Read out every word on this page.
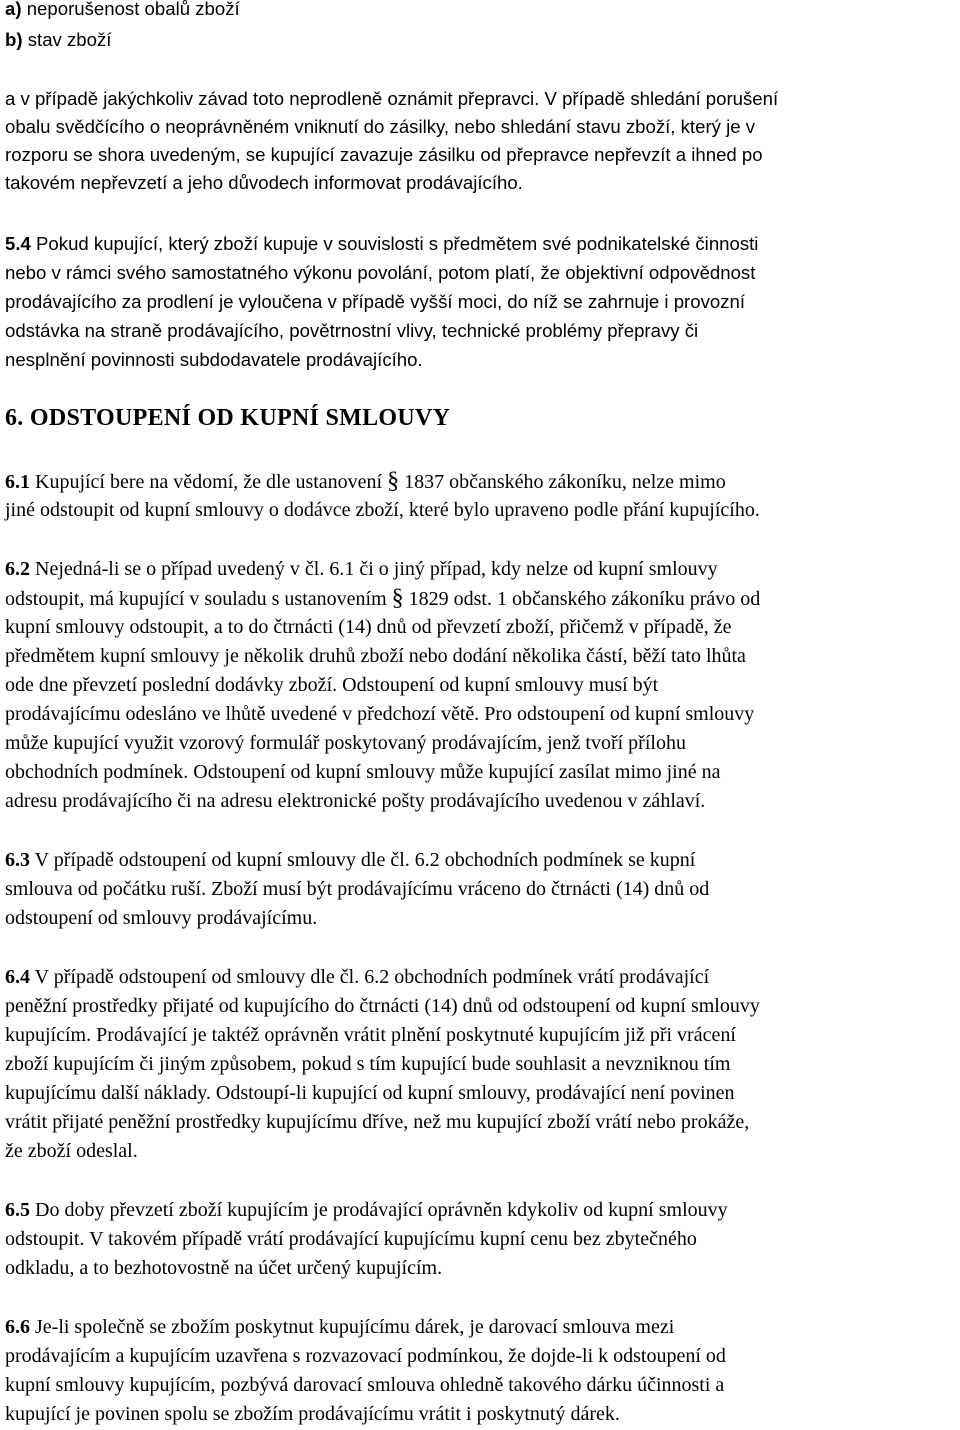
a) neporušenost obalů zboží
b) stav zboží
a v případě jakýchkoliv závad toto neprodleně oznámit přepravci. V případě shledání porušení
obalu svědčícího o neoprávněném vniknutí do zásilky, nebo shledání stavu zboží, který je v
rozporu se shora uvedeným, se kupující zavazuje zásilku od přepravce nepřevzít a ihned po
takovém nepřevzetí a jeho důvodech informovat prodávajícího.
5.4 Pokud kupující, který zboží kupuje v souvislosti s předmětem své podnikatelské činnosti
nebo v rámci svého samostatného výkonu povolání, potom platí, že objektivní odpovědnost
prodávajícího za prodlení je vyloučena v případě vyšší moci, do níž se zahrnuje i provozní
odstávka na straně prodávajícího, povětrnostní vlivy, technické problémy přepravy či
nesplnění povinnosti subdodavatele prodávajícího.
6. ODSTOUPENÍ OD KUPNÍ SMLOUVY
6.1 Kupující bere na vědomí, že dle ustanovení § 1837 občanského zákoníku, nelze mimo
jiné odstoupit od kupní smlouvy o dodávce zboží, které bylo upraveno podle přání kupujícího.
6.2 Nejedná-li se o případ uvedený v čl. 6.1 či o jiný případ, kdy nelze od kupní smlouvy
odstoupit, má kupující v souladu s ustanovením § 1829 odst. 1 občanského zákoníku právo od
kupní smlouvy odstoupit, a to do čtrnácti (14) dnů od převzetí zboží, přičemž v případě, že
předmětem kupní smlouvy je několik druhů zboží nebo dodání několika částí, běží tato lhůta
ode dne převzetí poslední dodávky zboží. Odstoupení od kupní smlouvy musí být
prodávajícímu odesláno ve lhůtě uvedené v předchozí větě. Pro odstoupení od kupní smlouvy
může kupující využit vzorový formulář poskytovaný prodávajícím, jenž tvoří přílohu
obchodních podmínek. Odstoupení od kupní smlouvy může kupující zasílat mimo jiné na
adresu prodávajícího či na adresu elektronické pošty prodávajícího uvedenou v záhlaví.
6.3 V případě odstoupení od kupní smlouvy dle čl. 6.2 obchodních podmínek se kupní
smlouva od počátku ruší. Zboží musí být prodávajícímu vráceno do čtrnácti (14) dnů od
odstoupení od smlouvy prodávajícímu.
6.4 V případě odstoupení od smlouvy dle čl. 6.2 obchodních podmínek vrátí prodávající
peněžní prostředky přijaté od kupujícího do čtrnácti (14) dnů od odstoupení od kupní smlouvy
kupujícím. Prodávající je taktéž oprávněn vrátit plnění poskytnuté kupujícím již při vrácení
zboží kupujícím či jiným způsobem, pokud s tím kupující bude souhlasit a nevzniknou tím
kupujícímu další náklady. Odstoupí-li kupující od kupní smlouvy, prodávající není povinen
vrátit přijaté peněžní prostředky kupujícímu dříve, než mu kupující zboží vrátí nebo prokáže,
že zboží odeslal.
6.5 Do doby převzetí zboží kupujícím je prodávající oprávněn kdykoliv od kupní smlouvy
odstoupit. V takovém případě vrátí prodávající kupujícímu kupní cenu bez zbytečného
odkladu, a to bezhotovostně na účet určený kupujícím.
6.6 Je-li společně se zbožím poskytnut kupujícímu dárek, je darovací smlouva mezi
prodávajícím a kupujícím uzavřena s rozvazovací podmínkou, že dojde-li k odstoupení od
kupní smlouvy kupujícím, pozbývá darovací smlouva ohledně takového dárku účinnosti a
kupující je povinen spolu se zbožím prodávajícímu vrátit i poskytnutý dárek.
